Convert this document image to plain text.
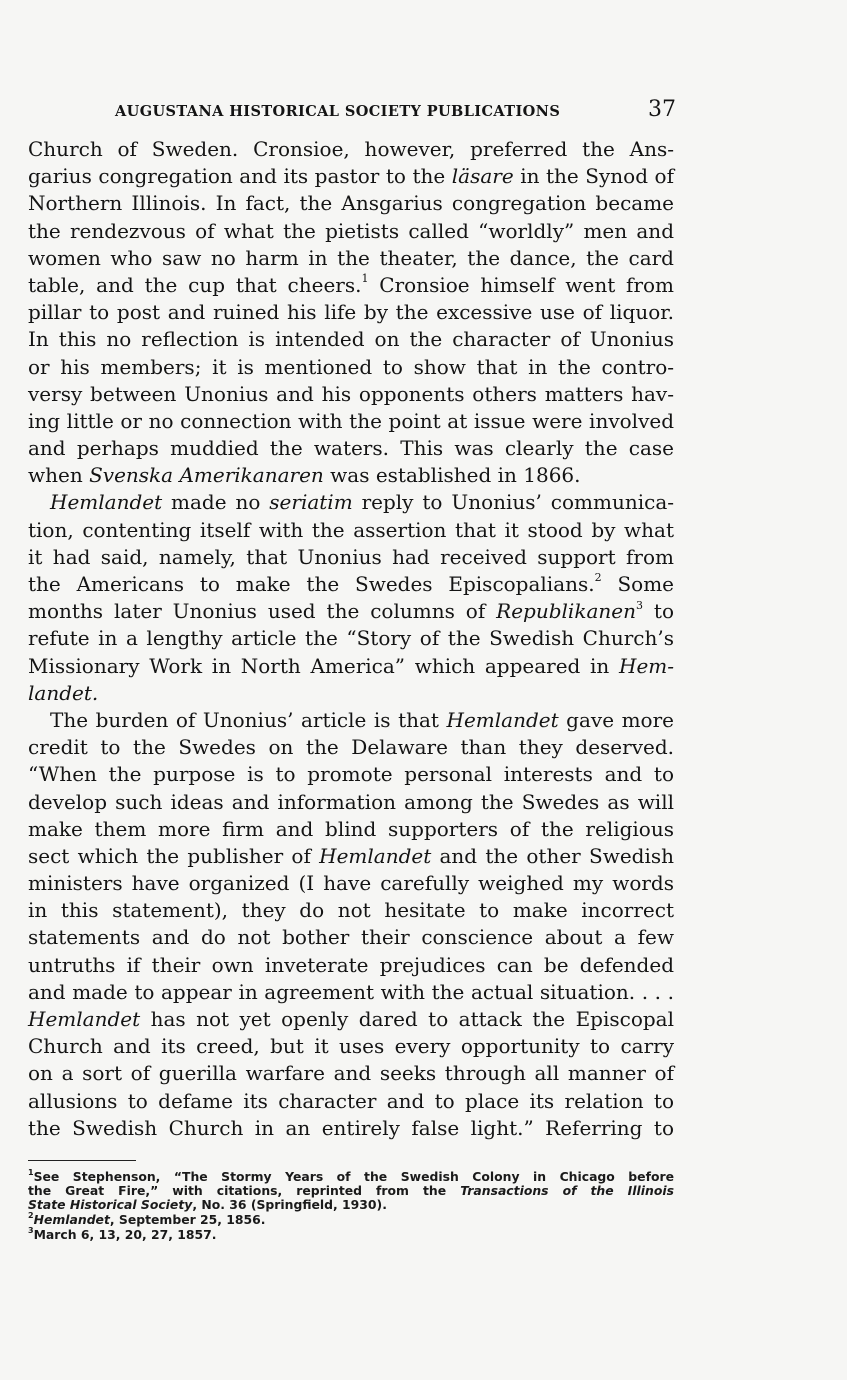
AUGUSTANA HISTORICAL SOCIETY PUBLICATIONS	37
Church of Sweden. Cronsioe, however, preferred the Ans-
garius congregation and its pastor to the läsare in the Synod of
Northern Illinois. In fact, the Ansgarius congregation became
the rendezvous of what the pietists called “worldly” men and
women who saw no harm in the theater, the dance, the card
table, and the cup that cheers.$^1$ Cronsioe himself went from
pillar to post and ruined his life by the excessive use of liquor.
In this no reflection is intended on the character of Unonius
or his members; it is mentioned to show that in the contro-
versy between Unonius and his opponents others matters hav-
ing little or no connection with the point at issue were involved
and perhaps muddied the waters. This was clearly the case
when Svenska Amerikanaren was established in 1866.
Hemlandet made no seriatim reply to Unonius’ communica-
tion, contenting itself with the assertion that it stood by what
it had said, namely, that Unonius had received support from
the Americans to make the Swedes Episcopalians.$^2$ Some
months later Unonius used the columns of Republikanen$^3$ to
refute in a lengthy article the “Story of the Swedish Church’s
Missionary Work in North America” which appeared in Hem-
landet.
The burden of Unonius’ article is that Hemlandet gave more
credit to the Swedes on the Delaware than they deserved.
“When the purpose is to promote personal interests and to
develop such ideas and information among the Swedes as will
make them more firm and blind supporters of the religious
sect which the publisher of Hemlandet and the other Swedish
ministers have organized (I have carefully weighed my words
in this statement), they do not hesitate to make incorrect
statements and do not bother their conscience about a few
untruths if their own inveterate prejudices can be defended
and made to appear in agreement with the actual situation. . . .
Hemlandet has not yet openly dared to attack the Episcopal
Church and its creed, but it uses every opportunity to carry
on a sort of guerilla warfare and seeks through all manner of
allusions to defame its character and to place its relation to
the Swedish Church in an entirely false light.” Referring to
$^1$See Stephenson, “The Stormy Years of the Swedish Colony in Chicago before
the Great Fire,” with citations, reprinted from the Transactions of the Illinois
State Historical Society, No. 36 (Springfield, 1930).
$^2$Hemlandet, September 25, 1856.
$^3$March 6, 13, 20, 27, 1857.
